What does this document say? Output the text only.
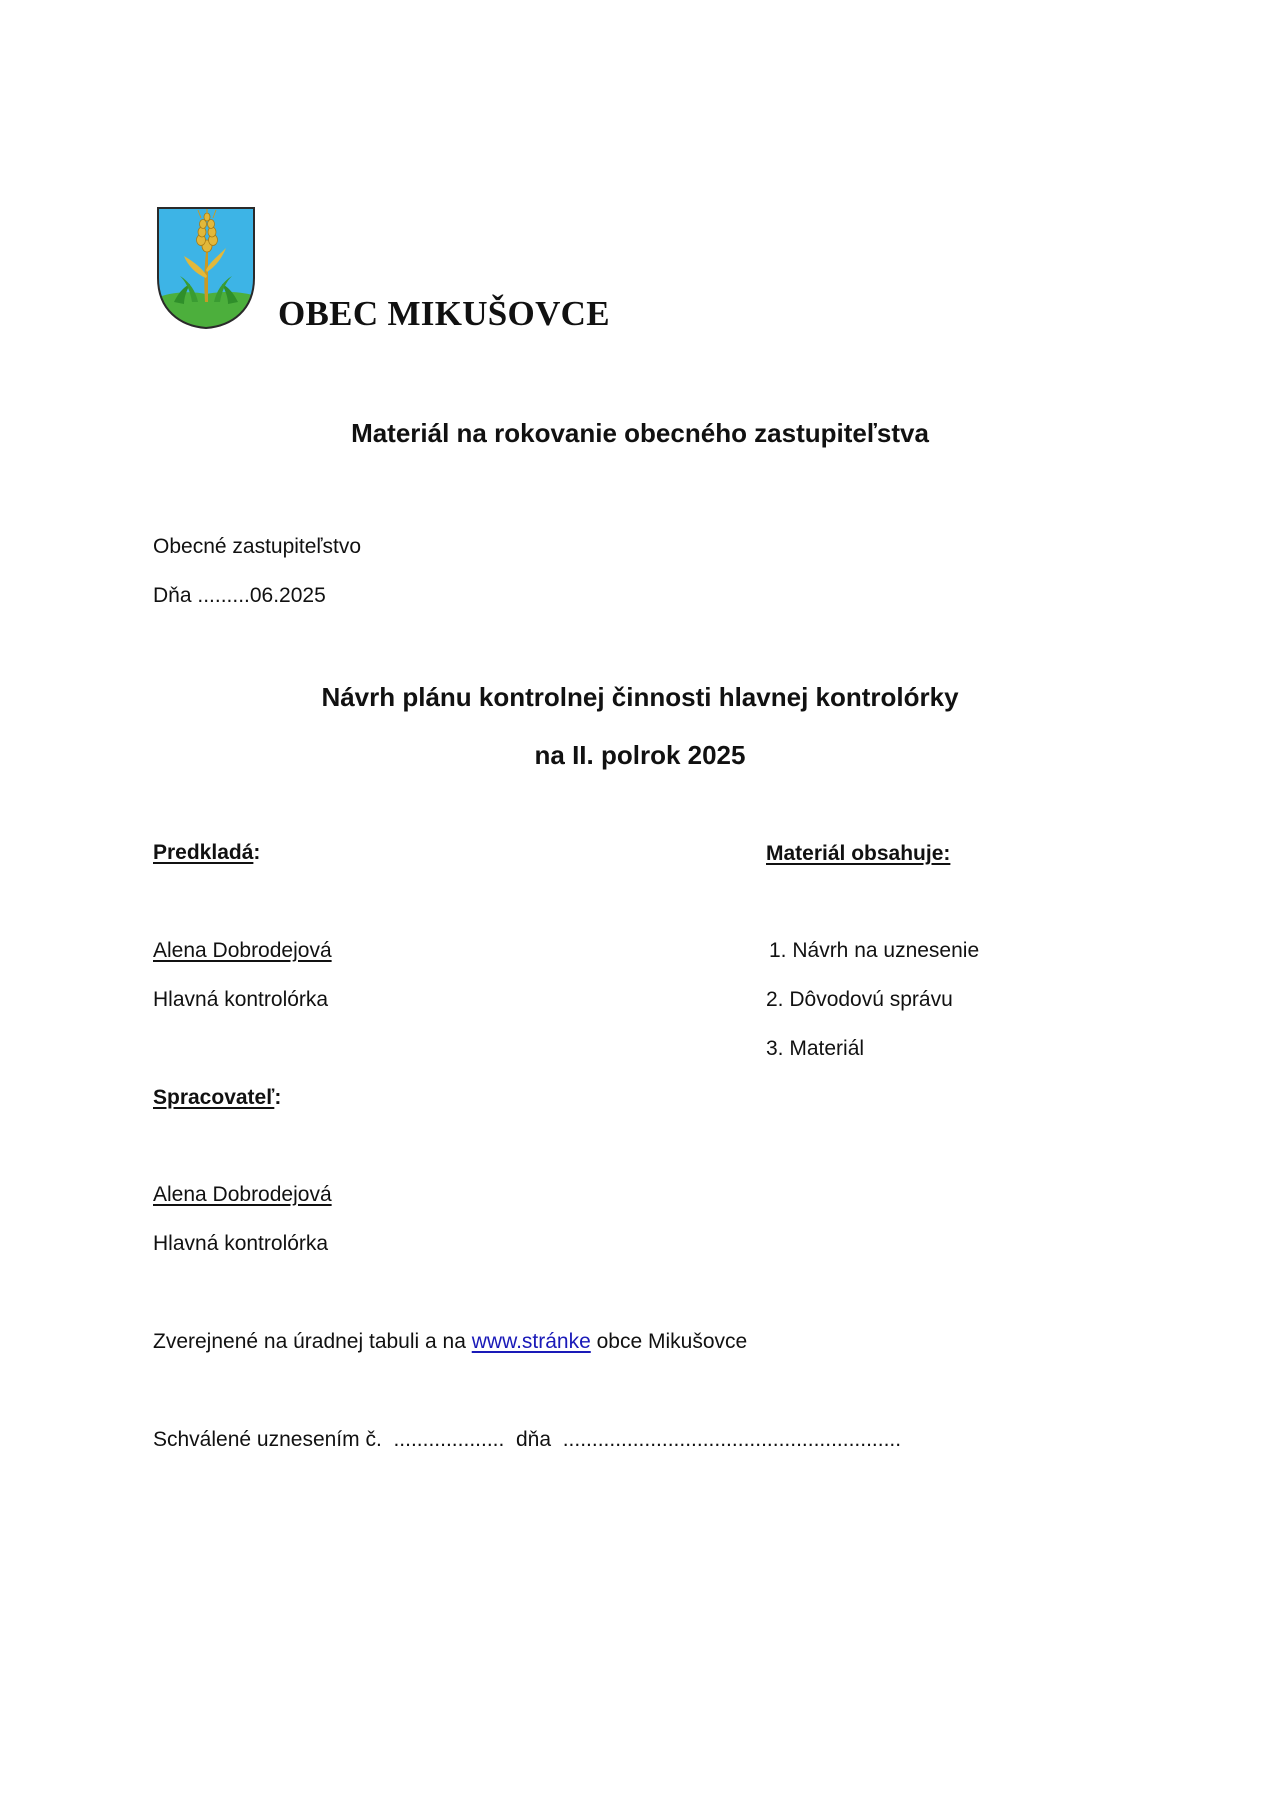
OBEC MIKUŠOVCE
Materiál na rokovanie obecného zastupiteľstva
Obecné zastupiteľstvo
Dňa .........06.2025
Návrh plánu kontrolnej činnosti hlavnej kontrolórky
na II. polrok 2025
Predkladá:
Alena Dobrodejová
Hlavná kontrolórka
Materiál obsahuje:
1. Návrh na uznesenie
2. Dôvodovú správu
3. Materiál
Spracovateľ:
Alena Dobrodejová
Hlavná kontrolórka
Zverejnené na úradnej tabuli a na www.stránke obce Mikušovce
Schválené uznesením č.  ...................  dňa  ..........................................................
